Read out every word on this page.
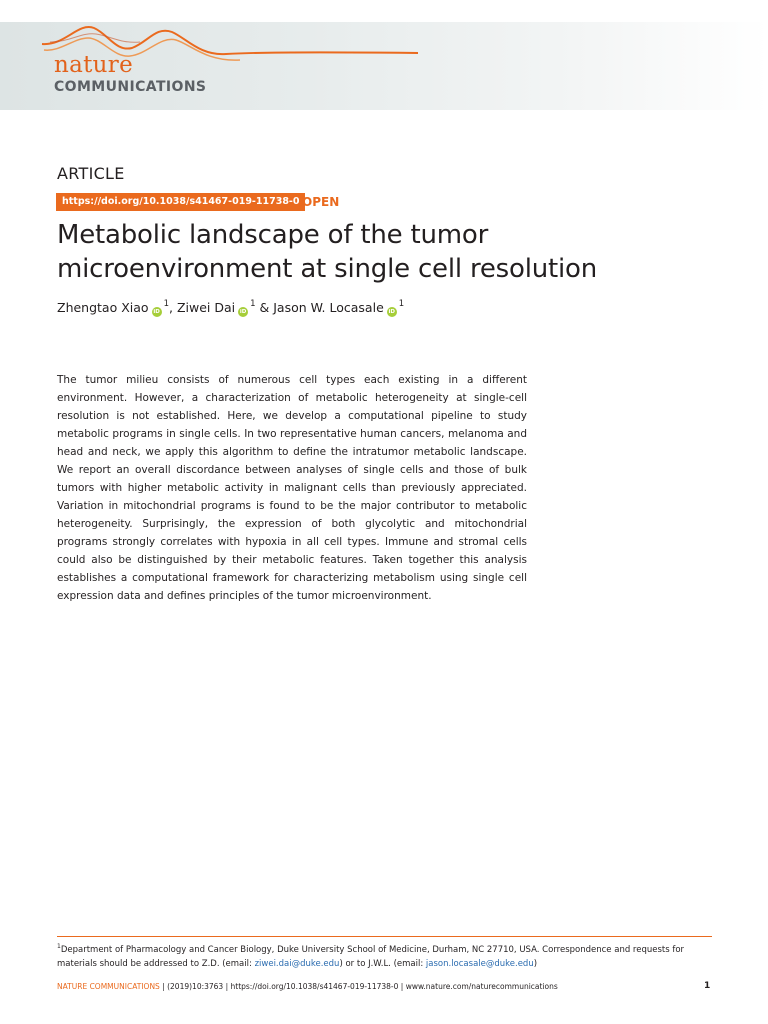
nature
COMMUNICATIONS
ARTICLE
https://doi.org/10.1038/s41467-019-11738-0 OPEN
Metabolic landscape of the tumor microenvironment at single cell resolution
Zhengtao Xiao $iD^1$, Ziwei Dai $iD^1$ & Jason W. Locasale $iD^1$

The tumor milieu consists of numerous cell types each existing in a different environment. However, a characterization of metabolic heterogeneity at single-cell resolution is not established. Here, we develop a computational pipeline to study metabolic programs in single cells. In two representative human cancers, melanoma and head and neck, we apply this algorithm to define the intratumor metabolic landscape. We report an overall discordance between analyses of single cells and those of bulk tumors with higher metabolic activity in malignant cells than previously appreciated. Variation in mitochondrial programs is found to be the major contributor to metabolic heterogeneity. Surprisingly, the expression of both glycolytic and mitochondrial programs strongly correlates with hypoxia in all cell types. Immune and stromal cells could also be distinguished by their metabolic features. Taken together this analysis establishes a computational framework for characterizing metabolism using single cell expression data and defines principles of the tumor microenvironment.

$^1$Department of Pharmacology and Cancer Biology, Duke University School of Medicine, Durham, NC 27710, USA. Correspondence and requests for materials should be addressed to Z.D. (email: ziwei.dai@duke.edu) or to J.W.L. (email: jason.locasale@duke.edu)

NATURE COMMUNICATIONS | (2019)10:3763 | https://doi.org/10.1038/s41467-019-11738-0 | www.nature.com/naturecommunications	1
